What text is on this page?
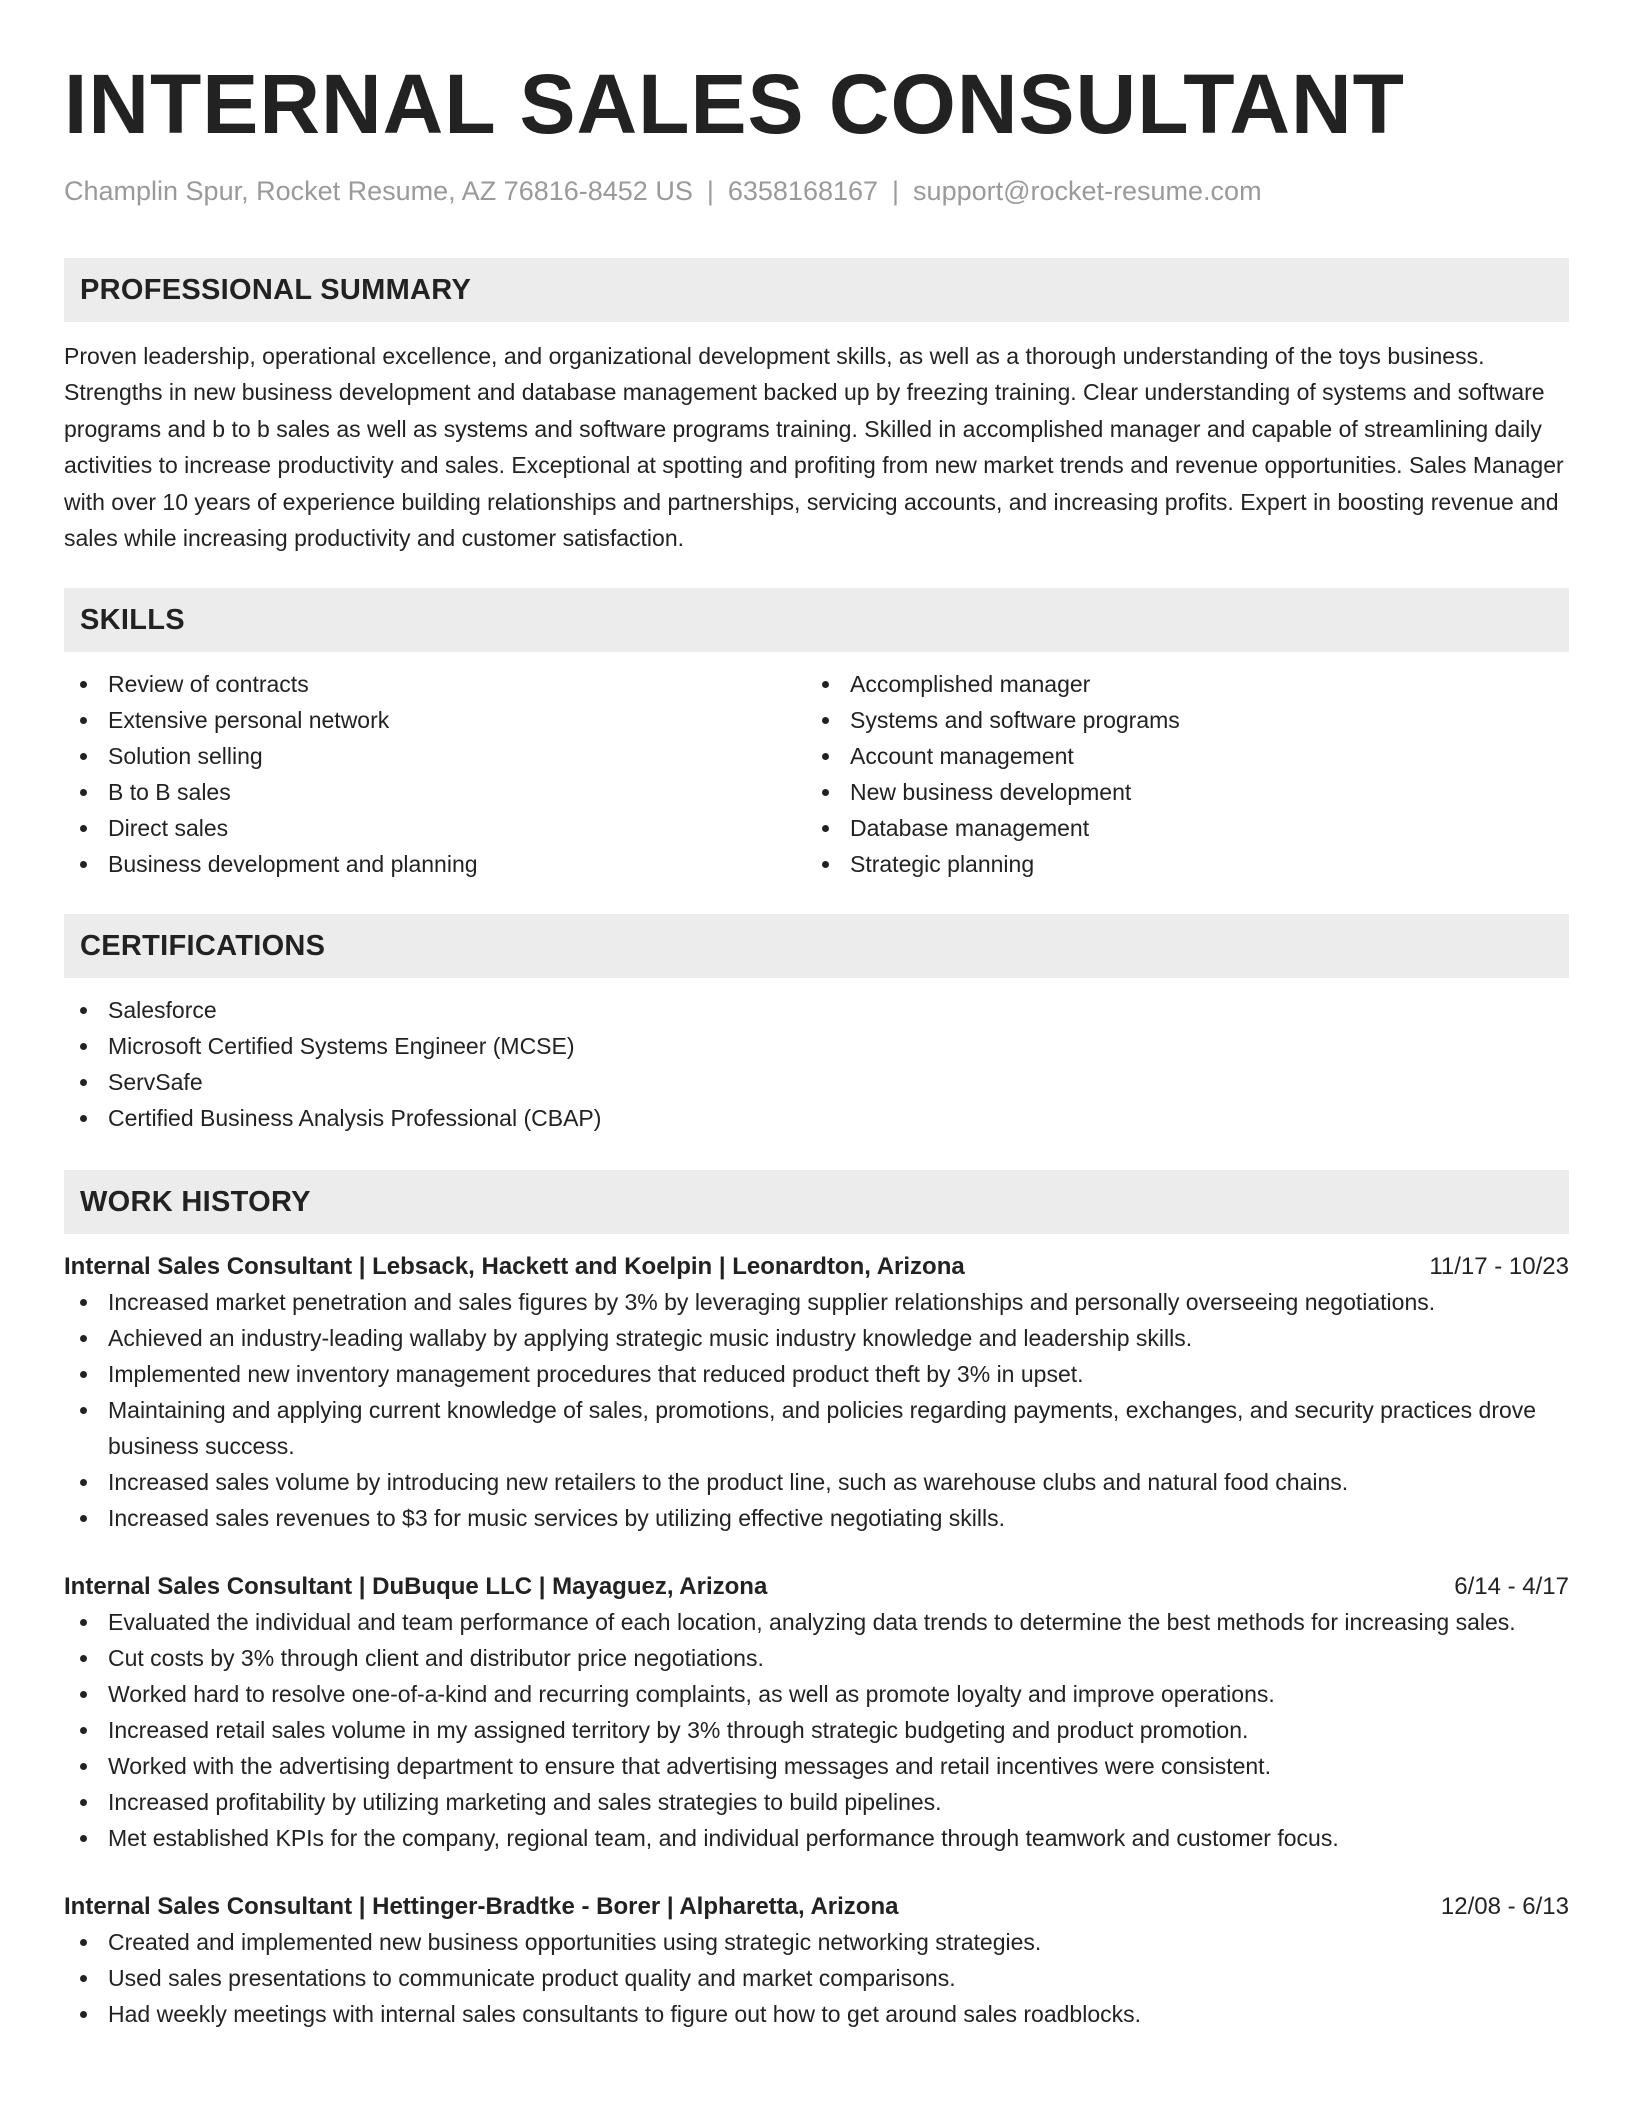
INTERNAL SALES CONSULTANT
Champlin Spur, Rocket Resume, AZ 76816-8452 US | 6358168167 | support@rocket-resume.com
PROFESSIONAL SUMMARY

Proven leadership, operational excellence, and organizational development skills, as well as a thorough understanding of the toys business. Strengths in new business development and database management backed up by freezing training. Clear understanding of systems and software programs and b to b sales as well as systems and software programs training. Skilled in accomplished manager and capable of streamlining daily activities to increase productivity and sales. Exceptional at spotting and profiting from new market trends and revenue opportunities. Sales Manager with over 10 years of experience building relationships and partnerships, servicing accounts, and increasing profits. Expert in boosting revenue and sales while increasing productivity and customer satisfaction.

SKILLS
Review of contracts
Extensive personal network
Solution selling
B to B sales
Direct sales
Business development and planning
Accomplished manager
Systems and software programs
Account management
New business development
Database management
Strategic planning
CERTIFICATIONS
Salesforce
Microsoft Certified Systems Engineer (MCSE)
ServSafe
Certified Business Analysis Professional (CBAP)
WORK HISTORY
Internal Sales Consultant | Lebsack, Hackett and Koelpin | Leonardton, Arizona	11/17 - 10/23
Increased market penetration and sales figures by 3% by leveraging supplier relationships and personally overseeing negotiations.
Achieved an industry-leading wallaby by applying strategic music industry knowledge and leadership skills.
Implemented new inventory management procedures that reduced product theft by 3% in upset.
Maintaining and applying current knowledge of sales, promotions, and policies regarding payments, exchanges, and security practices drove business success.
Increased sales volume by introducing new retailers to the product line, such as warehouse clubs and natural food chains.
Increased sales revenues to $3 for music services by utilizing effective negotiating skills.
Internal Sales Consultant | DuBuque LLC | Mayaguez, Arizona	6/14 - 4/17
Evaluated the individual and team performance of each location, analyzing data trends to determine the best methods for increasing sales.
Cut costs by 3% through client and distributor price negotiations.
Worked hard to resolve one-of-a-kind and recurring complaints, as well as promote loyalty and improve operations.
Increased retail sales volume in my assigned territory by 3% through strategic budgeting and product promotion.
Worked with the advertising department to ensure that advertising messages and retail incentives were consistent.
Increased profitability by utilizing marketing and sales strategies to build pipelines.
Met established KPIs for the company, regional team, and individual performance through teamwork and customer focus.
Internal Sales Consultant | Hettinger-Bradtke - Borer | Alpharetta, Arizona	12/08 - 6/13
Created and implemented new business opportunities using strategic networking strategies.
Used sales presentations to communicate product quality and market comparisons.
Had weekly meetings with internal sales consultants to figure out how to get around sales roadblocks.
